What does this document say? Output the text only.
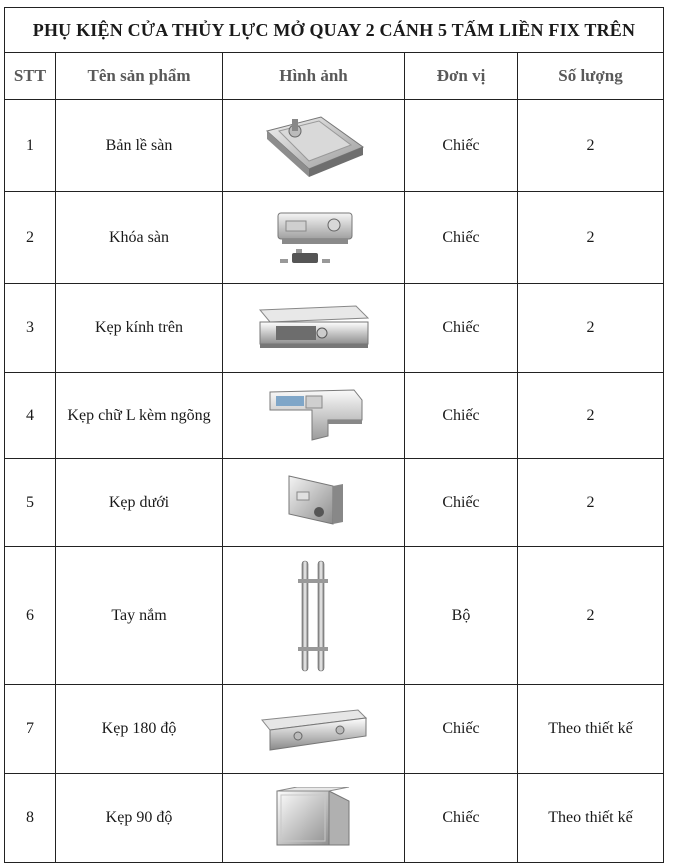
PHỤ KIỆN CỬA THỦY LỰC MỞ QUAY 2 CÁNH 5 TẤM LIỀN FIX TRÊN				
STT	Tên sản phẩm	Hình ảnh	Đơn vị	Số lượng
1	Bản lề sàn		Chiếc	2
2	Khóa sàn		Chiếc	2
3	Kẹp kính trên		Chiếc	2
4	Kẹp chữ L kèm ngõng		Chiếc	2
5	Kẹp dưới		Chiếc	2
6	Tay nắm		Bộ	2
7	Kẹp 180 độ		Chiếc	Theo thiết kế
8	Kẹp 90 độ		Chiếc	Theo thiết kế
